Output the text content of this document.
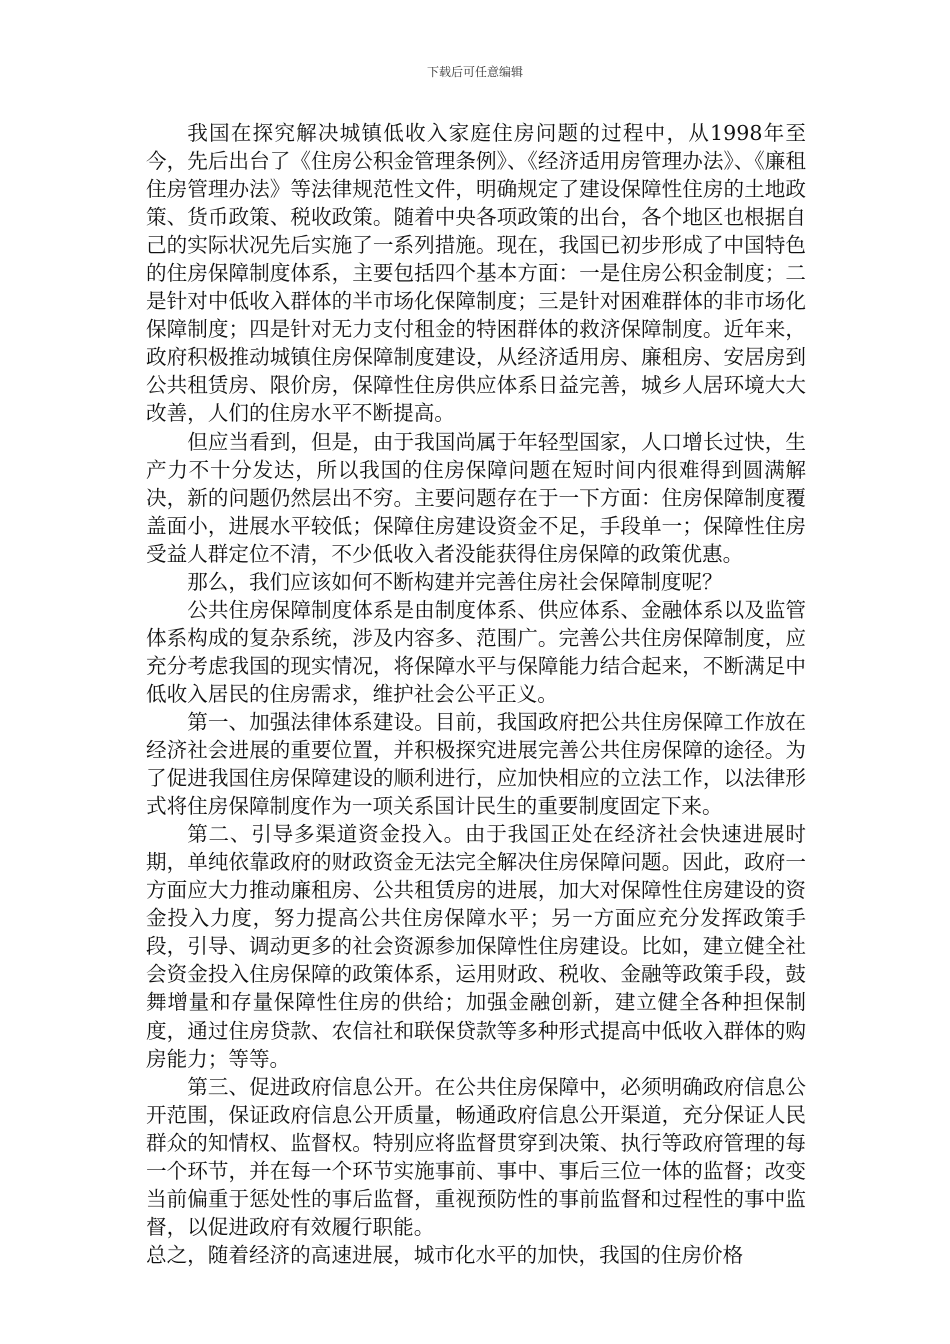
下载后可任意编辑

我国在探究解决城镇低收入家庭住房问题的过程中，从1998年至今，先后出台了《住房公积金管理条例》、《经济适用房管理办法》、《廉租住房管理办法》等法律规范性文件，明确规定了建设保障性住房的土地政策、货币政策、税收政策。随着中央各项政策的出台，各个地区也根据自己的实际状况先后实施了一系列措施。现在，我国已初步形成了中国特色的住房保障制度体系，主要包括四个基本方面：一是住房公积金制度；二是针对中低收入群体的半市场化保障制度；三是针对困难群体的非市场化保障制度；四是针对无力支付租金的特困群体的救济保障制度。近年来，政府积极推动城镇住房保障制度建设，从经济适用房、廉租房、安居房到公共租赁房、限价房，保障性住房供应体系日益完善，城乡人居环境大大改善，人们的住房水平不断提高。

但应当看到，但是，由于我国尚属于年轻型国家，人口增长过快，生产力不十分发达，所以我国的住房保障问题在短时间内很难得到圆满解决，新的问题仍然层出不穷。主要问题存在于一下方面：住房保障制度覆盖面小，进展水平较低；保障住房建设资金不足，手段单一；保障性住房受益人群定位不清，不少低收入者没能获得住房保障的政策优惠。

那么，我们应该如何不断构建并完善住房社会保障制度呢？

公共住房保障制度体系是由制度体系、供应体系、金融体系以及监管体系构成的复杂系统，涉及内容多、范围广。完善公共住房保障制度，应充分考虑我国的现实情况，将保障水平与保障能力结合起来，不断满足中低收入居民的住房需求，维护社会公平正义。

第一、加强法律体系建设。目前，我国政府把公共住房保障工作放在经济社会进展的重要位置，并积极探究进展完善公共住房保障的途径。为了促进我国住房保障建设的顺利进行，应加快相应的立法工作，以法律形式将住房保障制度作为一项关系国计民生的重要制度固定下来。

第二、引导多渠道资金投入。由于我国正处在经济社会快速进展时期，单纯依靠政府的财政资金无法完全解决住房保障问题。因此，政府一方面应大力推动廉租房、公共租赁房的进展，加大对保障性住房建设的资金投入力度，努力提高公共住房保障水平；另一方面应充分发挥政策手段，引导、调动更多的社会资源参加保障性住房建设。比如，建立健全社会资金投入住房保障的政策体系，运用财政、税收、金融等政策手段，鼓舞增量和存量保障性住房的供给；加强金融创新，建立健全各种担保制度，通过住房贷款、农信社和联保贷款等多种形式提高中低收入群体的购房能力；等等。

第三、促进政府信息公开。在公共住房保障中，必须明确政府信息公开范围，保证政府信息公开质量，畅通政府信息公开渠道，充分保证人民群众的知情权、监督权。特别应将监督贯穿到决策、执行等政府管理的每一个环节，并在每一个环节实施事前、事中、事后三位一体的监督；改变当前偏重于惩处性的事后监督，重视预防性的事前监督和过程性的事中监督，以促进政府有效履行职能。

总之，随着经济的高速进展，城市化水平的加快，我国的住房价格
